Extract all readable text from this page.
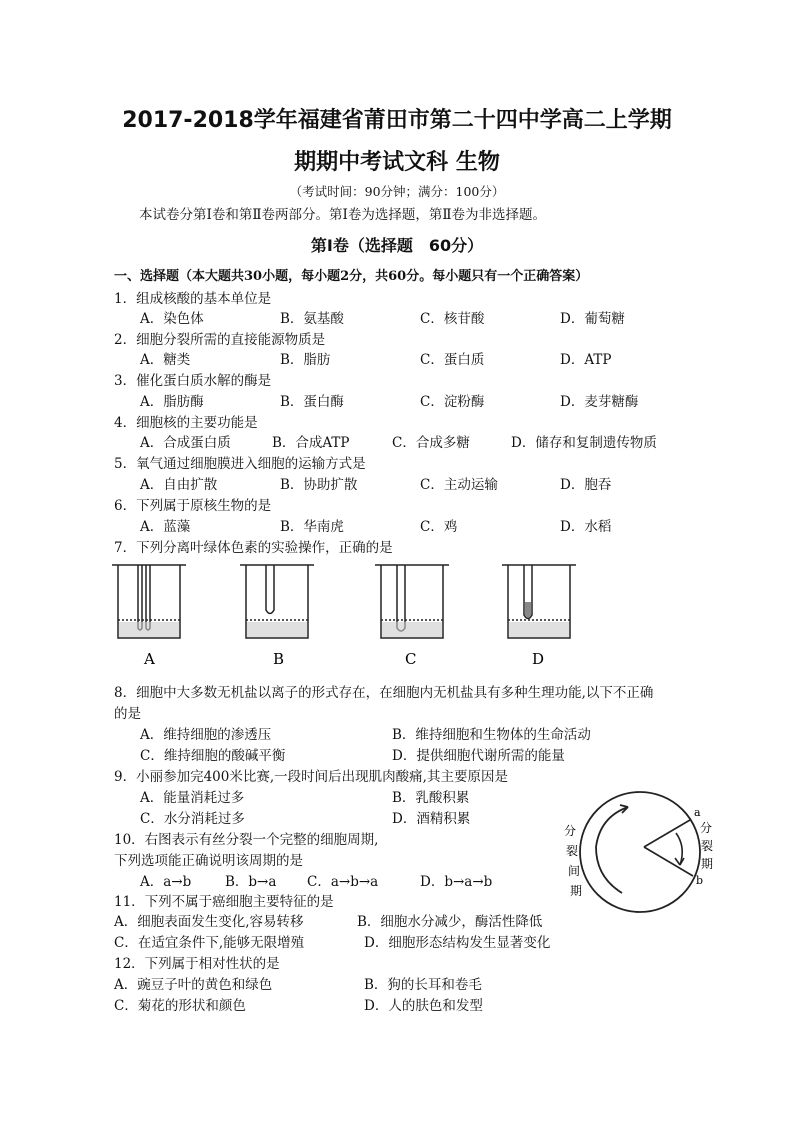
2017-2018学年福建省莆田市第二十四中学高二上学期
期期中考试文科 生物
（考试时间：90分钟；满分：100分）
本试卷分第Ⅰ卷和第Ⅱ卷两部分。第Ⅰ卷为选择题，第Ⅱ卷为非选择题。
第Ⅰ卷（选择题　60分）
一、选择题（本大题共30小题，每小题2分，共60分。每小题只有一个正确答案）
1．组成核酸的基本单位是
A．染色体	B．氨基酸	C．核苷酸	D．葡萄糖
2．细胞分裂所需的直接能源物质是
A．糖类	B．脂肪	C．蛋白质	D．ATP
3．催化蛋白质水解的酶是
A．脂肪酶	B．蛋白酶	C．淀粉酶	D．麦芽糖酶
4．细胞核的主要功能是
A．合成蛋白质	B．合成ATP	C．合成多糖	D．储存和复制遗传物质
5．氧气通过细胞膜进入细胞的运输方式是
A．自由扩散	B．协助扩散	C．主动运输	D．胞吞
6．下列属于原核生物的是
A．蓝藻	B．华南虎	C．鸡	D．水稻
7．下列分离叶绿体色素的实验操作，正确的是
A	B	C	D
8．细胞中大多数无机盐以离子的形式存在，在细胞内无机盐具有多种生理功能,以下不正确
的是
A．维持细胞的渗透压	B．维持细胞和生物体的生命活动
C．维持细胞的酸碱平衡	D．提供细胞代谢所需的能量
9．小丽参加完400米比赛,一段时间后出现肌肉酸痛,其主要原因是
A．能量消耗过多	B．乳酸积累
C．水分消耗过多	D．酒精积累
10．右图表示有丝分裂一个完整的细胞周期,
下列选项能正确说明该周期的是
A．a→b B．b→a C．a→b→a	D．b→a→b
a
b
分
裂
间
期
分
裂
期
11．下列不属于癌细胞主要特征的是
A．细胞表面发生变化,容易转移	B．细胞水分减少，酶活性降低
C．在适宜条件下,能够无限增殖	D．细胞形态结构发生显著变化
12．下列属于相对性状的是
A．豌豆子叶的黄色和绿色	B．狗的长耳和卷毛
C．菊花的形状和颜色	D．人的肤色和发型
